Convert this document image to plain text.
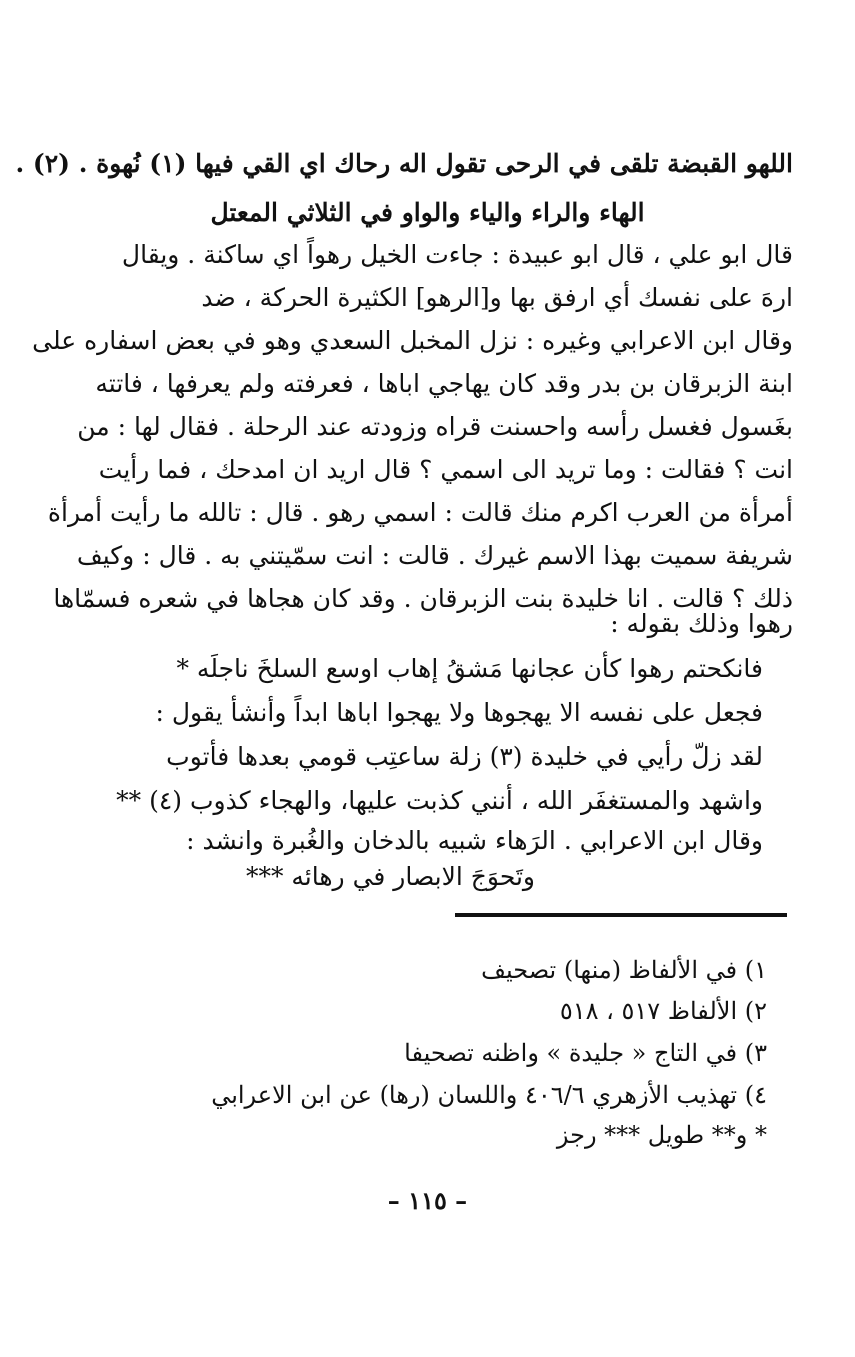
اللهو القبضة تلقى في الرحى تقول اله رحاك اي القي فيها (١) نُهوة . (٢) .
الهاء والراء والياء والواو في الثلاثي المعتل
قال ابو علي ، قال ابو عبيدة : جاءت الخيل رهواً اي ساكنة . ويقال
ارهَ على نفسك أي ارفق بها و[الرهو] الكثيرة الحركة ، ضد
وقال ابن الاعرابي وغيره : نزل المخبل السعدي وهو في بعض اسفاره على
ابنة الزبرقان بن بدر وقد كان يهاجي اباها ، فعرفته ولم يعرفها ، فاتته
بغَسول فغسل رأسه واحسنت قراه وزودته عند الرحلة . فقال لها : من
انت ؟ فقالت : وما تريد الى اسمي ؟ قال اريد ان امدحك ، فما رأيت
أمرأة من العرب اكرم منك قالت : اسمي رهو . قال : تالله ما رأيت أمرأة
شريفة سميت بهذا الاسم غيرك . قالت : انت سمّيتني به . قال : وكيف
ذلك ؟ قالت . انا خليدة بنت الزبرقان . وقد كان هجاها في شعره فسمّاها
رهوا وذلك بقوله :
فانكحتم رهوا كأن عجانها مَشقُ إهاب اوسع السلخَ ناجلَه *
فجعل على نفسه الا يهجوها ولا يهجوا اباها ابداً وأنشأ يقول :
لقد زلّ رأيي في خليدة (٣) زلة ساعتِب قومي بعدها فأتوب
واشهد والمستغفَر الله ، أنني كذبت عليها، والهجاء كذوب (٤) **
وقال ابن الاعرابي . الرَهاء شبيه بالدخان والغُبرة وانشد :
وتَحوَجَ الابصار في رهائه ***
١) في الألفاظ (منها) تصحيف
٢) الألفاظ ٥١٧ ، ٥١٨
٣) في التاج « جليدة » واظنه تصحيفا
٤) تهذيب الأزهري ٤٠٦/٦ واللسان (رها) عن ابن الاعرابي
* و** طويل *** رجز
– ١١٥ –
